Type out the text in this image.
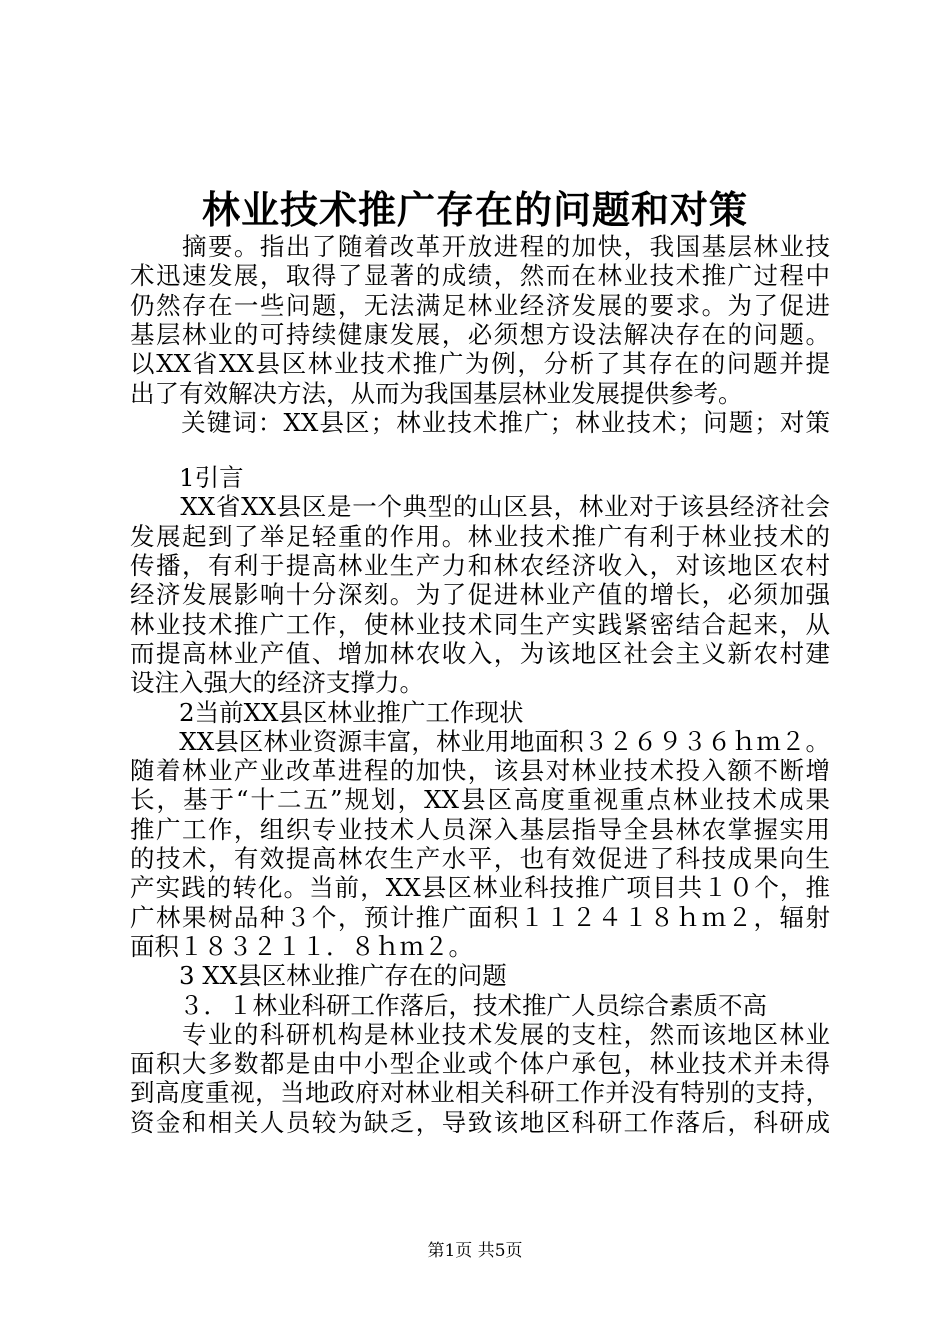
林业技术推广存在的问题和对策
　　摘要。指出了随着改革开放进程的加快，我国基层林业技
术迅速发展，取得了显著的成绩，然而在林业技术推广过程中
仍然存在一些问题，无法满足林业经济发展的要求。为了促进
基层林业的可持续健康发展，必须想方设法解决存在的问题。
以XX省XX县区林业技术推广为例，分析了其存在的问题并提
出了有效解决方法，从而为我国基层林业发展提供参考。
　　关键词：XX县区；林业技术推广；林业技术；问题；对策
　　1引言
　　XX省XX县区是一个典型的山区县，林业对于该县经济社会
发展起到了举足轻重的作用。林业技术推广有利于林业技术的
传播，有利于提高林业生产力和林农经济收入，对该地区农村
经济发展影响十分深刻。为了促进林业产值的增长，必须加强
林业技术推广工作，使林业技术同生产实践紧密结合起来，从
而提高林业产值、增加林农收入，为该地区社会主义新农村建
设注入强大的经济支撑力。
　　2当前XX县区林业推广工作现状
　　XX县区林业资源丰富，林业用地面积３２６９３６ｈｍ２。
随着林业产业改革进程的加快，该县对林业技术投入额不断增
长，基于“十二五”规划，XX县区高度重视重点林业技术成果
推广工作，组织专业技术人员深入基层指导全县林农掌握实用
的技术，有效提高林农生产水平，也有效促进了科技成果向生
产实践的转化。当前，XX县区林业科技推广项目共１０个，推
广林果树品种３个，预计推广面积１１２４１８ｈｍ２，辐射
面积１８３２１１．８ｈｍ２。
　　3 XX县区林业推广存在的问题
　　３．１林业科研工作落后，技术推广人员综合素质不高
　　专业的科研机构是林业技术发展的支柱，然而该地区林业
面积大多数都是由中小型企业或个体户承包，林业技术并未得
到高度重视，当地政府对林业相关科研工作并没有特别的支持，
资金和相关人员较为缺乏，导致该地区科研工作落后，科研成
第1页 共5页
